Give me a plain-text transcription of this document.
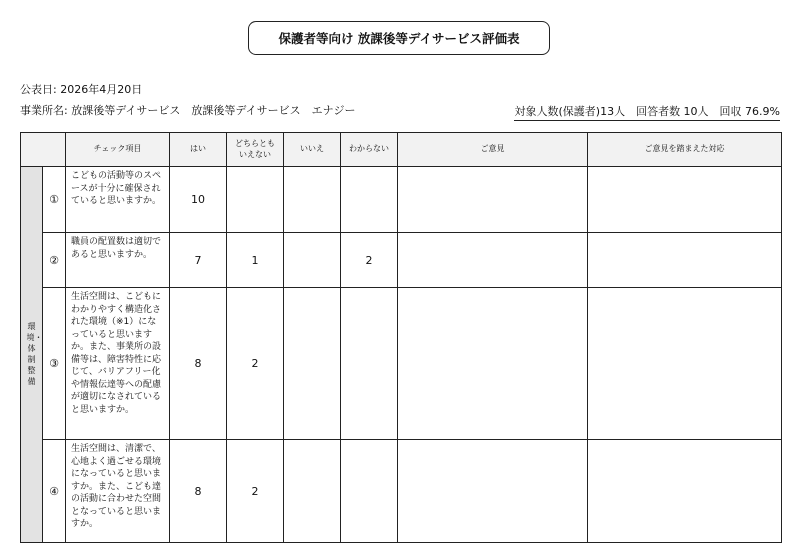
保護者等向け 放課後等デイサービス評価表
公表日: 2026年4月20日
事業所名: 放課後等デイサービス　放課後等デイサービス　エナジー	対象人数(保護者)13人　回答者数 10人　回収 76.9%
		チェック項目	はい	どちらとも
いえない	いいえ	わからない	ご意見	ご意見を踏まえた対応
環境・体制整備	①	こどもの活動等のスペースが十分に確保されていると思いますか。	10					
	②	職員の配置数は適切であると思いますか。	7	1		2		
	③	生活空間は、こどもにわかりやすく構造化された環境（※1）になっていると思いますか。また、事業所の設備等は、障害特性に応じて、バリアフリー化や情報伝達等への配慮が適切になされていると思いますか。	8	2				
	④	生活空間は、清潔で、心地よく過ごせる環境になっていると思いますか。また、こども達の活動に合わせた空間となっていると思いますか。	8	2				
